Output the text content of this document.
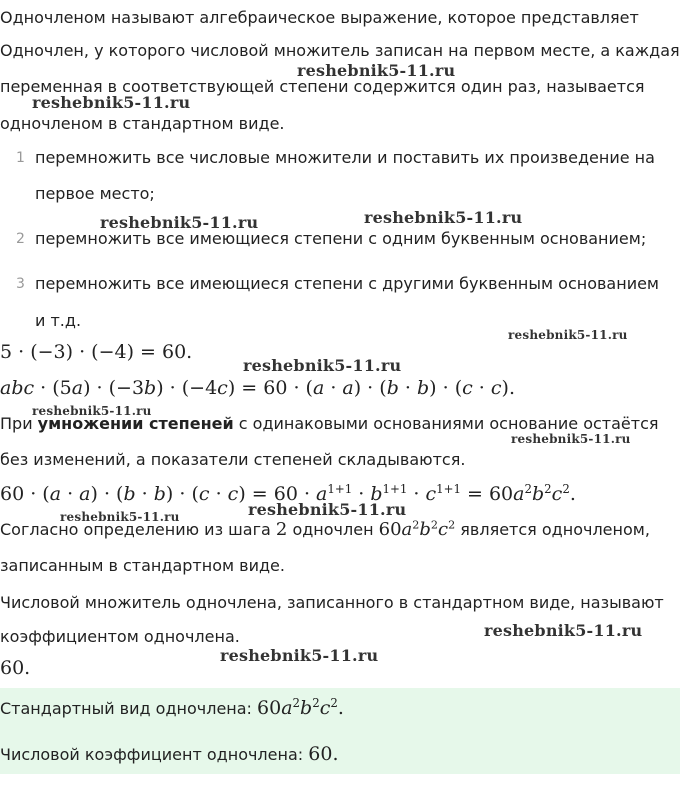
Одночленом называют алгебраическое выражение, которое представляет
Одночлен, у которого числовой множитель записан на первом месте, а каждая
переменная в соответствующей степени содержится один раз, называется
одночленом в стандартном виде.
1 перемножить все числовые множители и поставить их произведение на
первое место;
2 перемножить все имеющиеся степени с одним буквенным основанием;
3 перемножить все имеющиеся степени с другими буквенным основанием
и т.д.
5 · (−3) · (−4) = 60.
abc · (5a) · (−3b) · (−4c) = 60 · (a · a) · (b · b) · (c · c).
При умножении степеней с одинаковыми основаниями основание остаётся
без изменений, а показатели степеней складываются.
$60 \cdot (a \cdot a) \cdot (b \cdot b) \cdot (c \cdot c) = 60 \cdot a^{1+1} \cdot b^{1+1} \cdot c^{1+1} = 60a^2b^2c^2$.
Согласно определению из шага 2 одночлен $60a^2b^2c^2$ является одночленом,
записанным в стандартном виде.
Числовой множитель одночлена, записанного в стандартном виде, называют
коэффициентом одночлена.
60.
Стандартный вид одночлена: $60a^2b^2c^2$.
Числовой коэффициент одночлена: 60.
reshebnik5-11.ru
reshebnik5-11.ru
reshebnik5-11.ru	reshebnik5-11.ru
reshebnik5-11.ru
reshebnik5-11.ru
reshebnik5-11.ru
reshebnik5-11.ru
reshebnik5-11.ru
reshebnik5-11.ru
reshebnik5-11.ru
reshebnik5-11.ru
